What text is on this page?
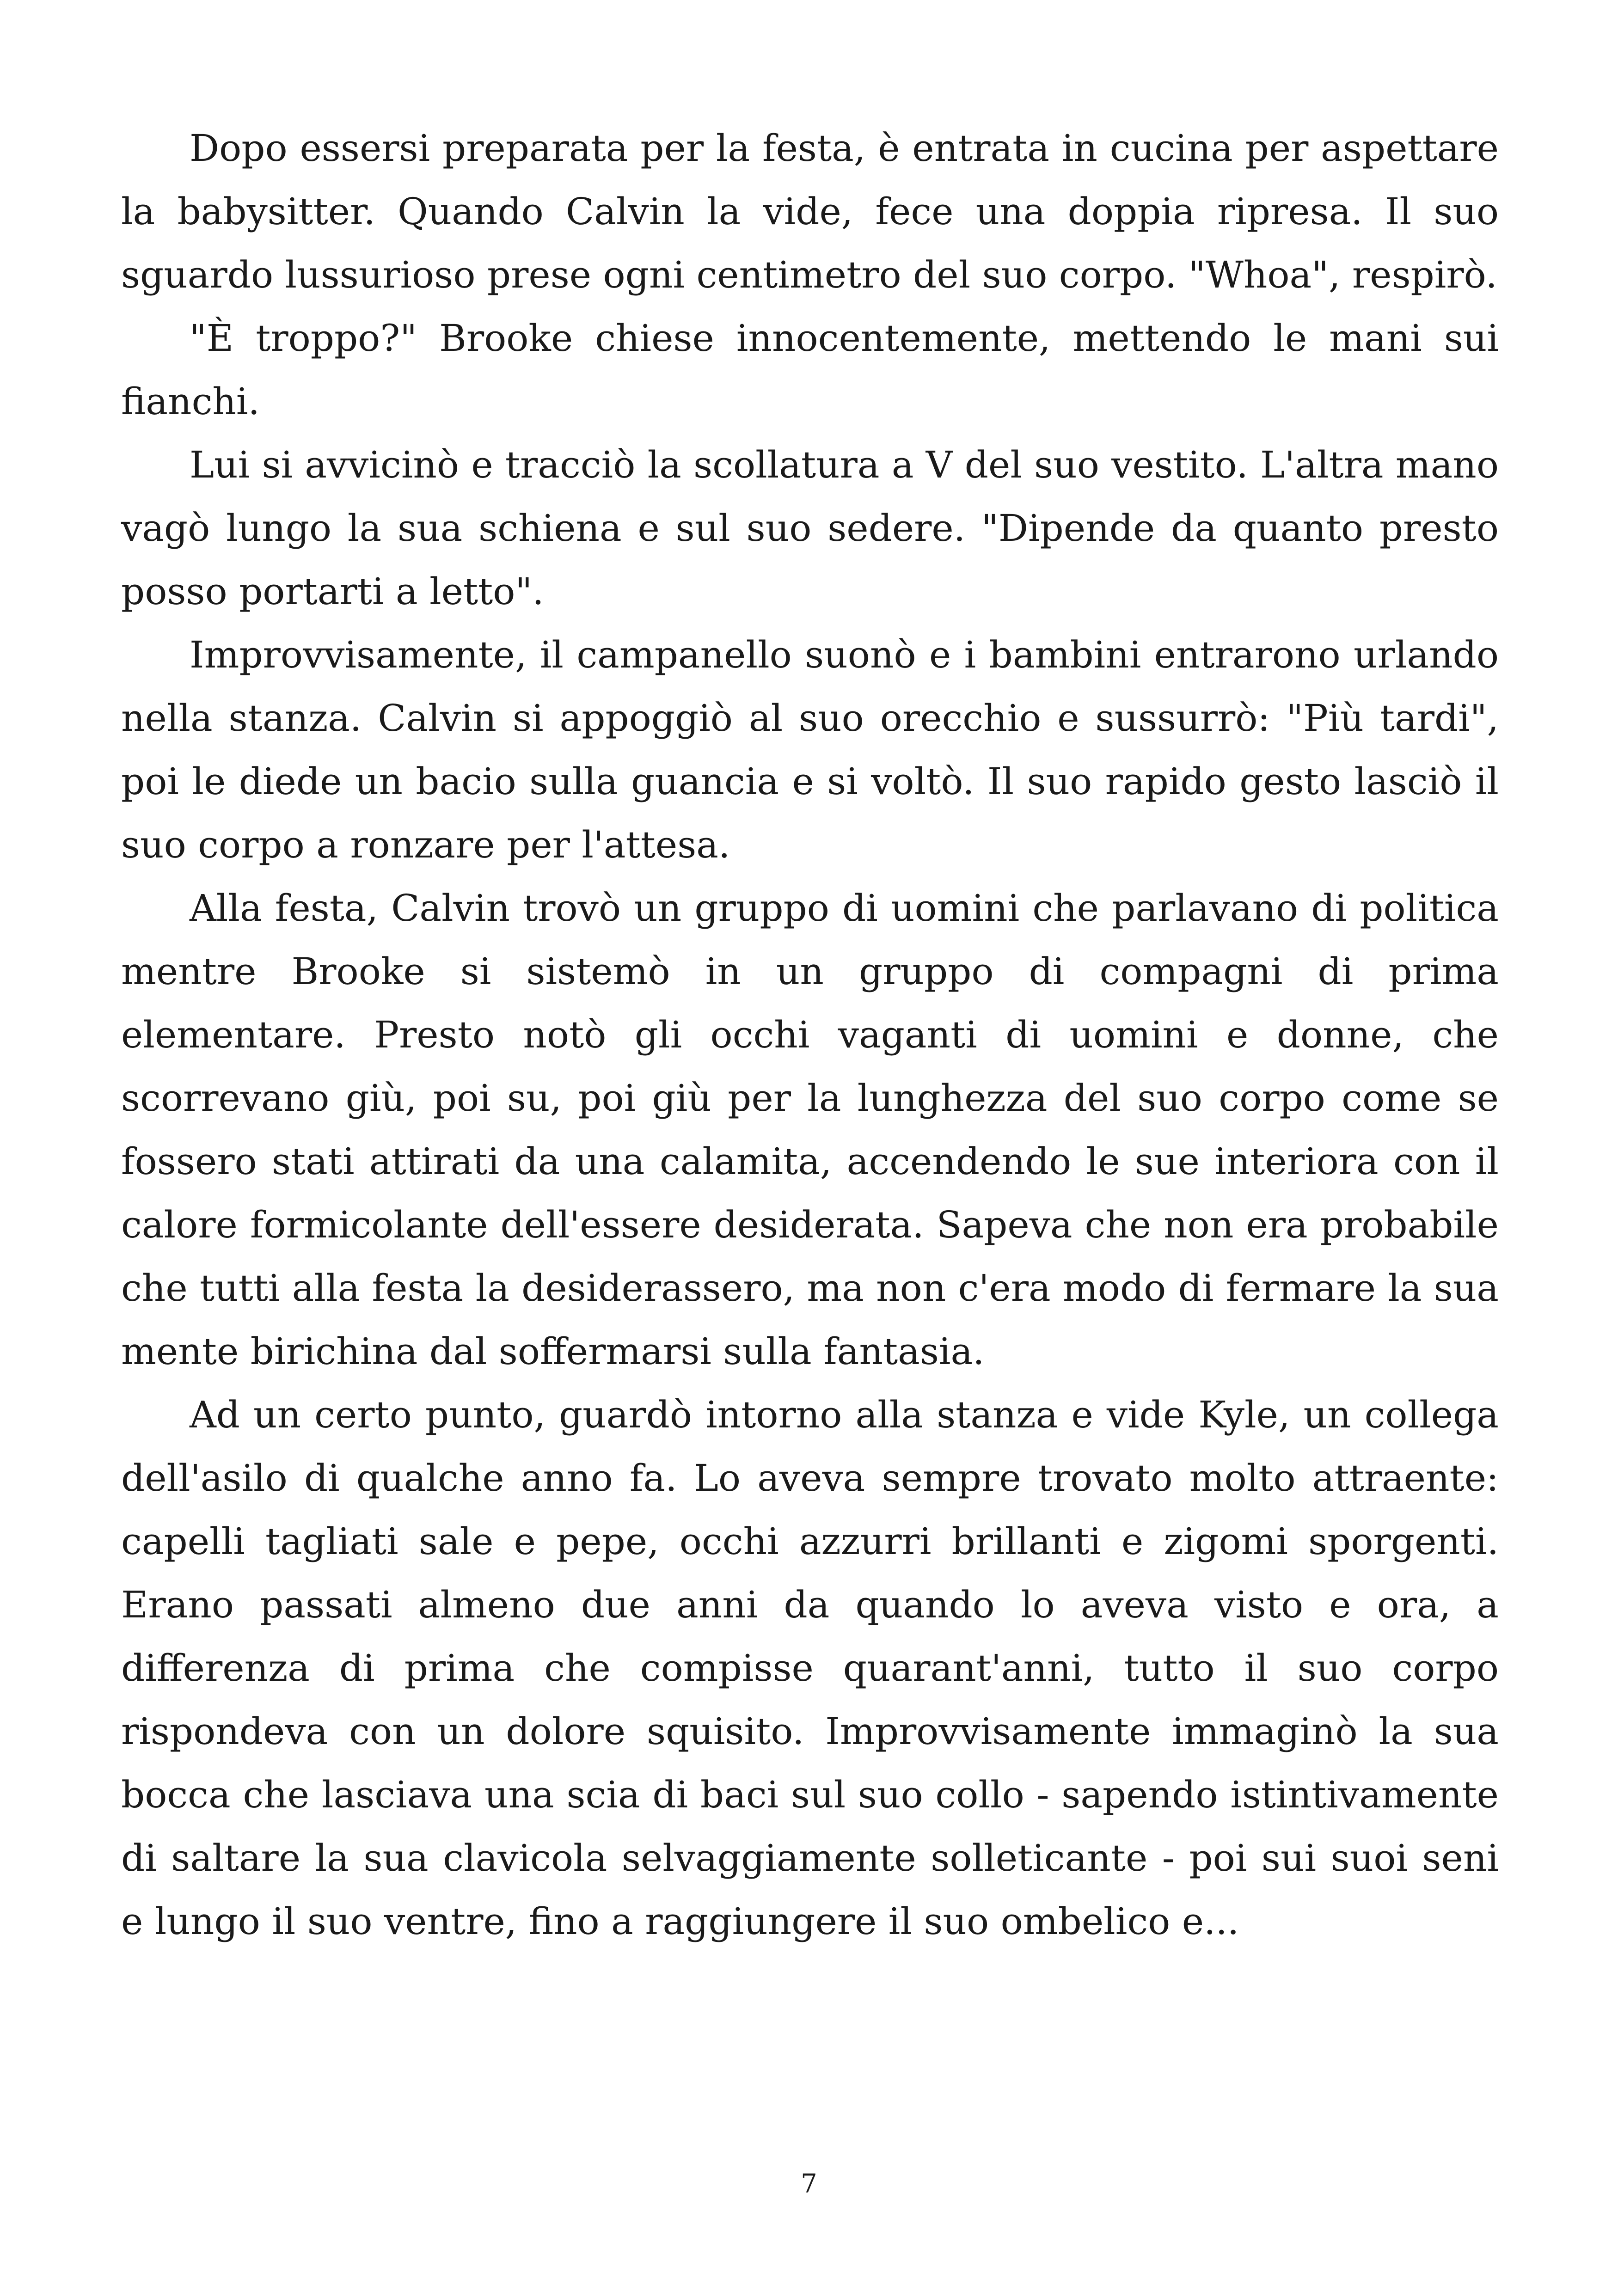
Dopo essersi preparata per la festa, è entrata in cucina per aspettare la babysitter. Quando Calvin la vide, fece una doppia ripresa. Il suo sguardo lussurioso prese ogni centimetro del suo corpo. "Whoa", respirò.

"È troppo?" Brooke chiese innocentemente, mettendo le mani sui fianchi.

Lui si avvicinò e tracciò la scollatura a V del suo vestito. L'altra mano vagò lungo la sua schiena e sul suo sedere. "Dipende da quanto presto posso portarti a letto".

Improvvisamente, il campanello suonò e i bambini entrarono urlando nella stanza. Calvin si appoggiò al suo orecchio e sussurrò: "Più tardi", poi le diede un bacio sulla guancia e si voltò. Il suo rapido gesto lasciò il suo corpo a ronzare per l'attesa.

Alla festa, Calvin trovò un gruppo di uomini che parlavano di politica mentre Brooke si sistemò in un gruppo di compagni di prima elementare. Presto notò gli occhi vaganti di uomini e donne, che scorrevano giù, poi su, poi giù per la lunghezza del suo corpo come se fossero stati attirati da una calamita, accendendo le sue interiora con il calore formicolante dell'essere desiderata. Sapeva che non era probabile che tutti alla festa la desiderassero, ma non c'era modo di fermare la sua mente birichina dal soffermarsi sulla fantasia.

Ad un certo punto, guardò intorno alla stanza e vide Kyle, un collega dell'asilo di qualche anno fa. Lo aveva sempre trovato molto attraente: capelli tagliati sale e pepe, occhi azzurri brillanti e zigomi sporgenti. Erano passati almeno due anni da quando lo aveva visto e ora, a differenza di prima che compisse quarant'anni, tutto il suo corpo rispondeva con un dolore squisito. Improvvisamente immaginò la sua bocca che lasciava una scia di baci sul suo collo - sapendo istintivamente di saltare la sua clavicola selvaggiamente solleticante - poi sui suoi seni e lungo il suo ventre, fino a raggiungere il suo ombelico e...

7
